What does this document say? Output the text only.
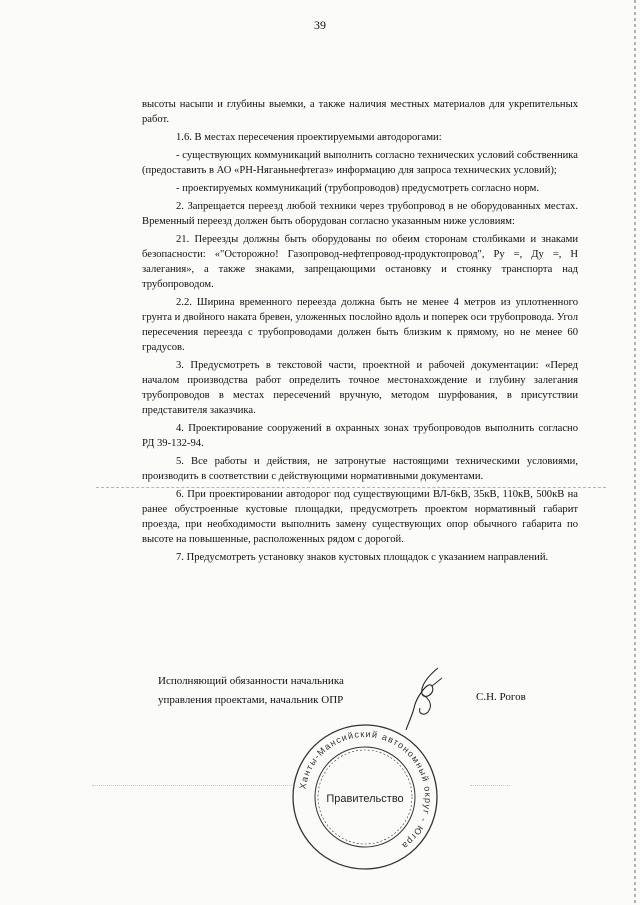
39

высоты насыпи и глубины выемки, а также наличия местных материалов для укрепительных работ.

1.6. В местах пересечения проектируемыми автодорогами:

- существующих коммуникаций выполнить согласно технических условий собственника (предоставить в АО «РН-Няганьнефтегаз» информацию для запроса технических условий);

- проектируемых коммуникаций (трубопроводов) предусмотреть согласно норм.

2. Запрещается переезд любой техники через трубопровод в не оборудованных местах. Временный переезд должен быть оборудован согласно указанным ниже условиям:

21. Переезды должны быть оборудованы по обеим сторонам столбиками и знаками безопасности: «"Осторожно! Газопровод-нефтепровод-продуктопровод", Ру =, Ду =, Н залегания», а также знаками, запрещающими остановку и стоянку транспорта над трубопроводом.

2.2. Ширина временного переезда должна быть не менее 4 метров из уплотненного грунта и двойного наката бревен, уложенных послойно вдоль и поперек оси трубопровода. Угол пересечения переезда с трубопроводами должен быть близким к прямому, но не менее 60 градусов.

3. Предусмотреть в текстовой части, проектной и рабочей документации: «Перед началом производства работ определить точное местонахождение и глубину залегания трубопроводов в местах пересечений вручную, методом шурфования, в присутствии представителя заказчика.

4. Проектирование сооружений в охранных зонах трубопроводов выполнить согласно РД 39-132-94.

5. Все работы и действия, не затронутые настоящими техническими условиями, производить в соответствии с действующими нормативными документами.

6. При проектировании автодорог под существующими ВЛ-6кВ, 35кВ, 110кВ, 500кВ на ранее обустроенные кустовые площадки, предусмотреть проектом нормативный габарит проезда, при необходимости выполнить замену существующих опор обычного габарита по высоте на повышенные, расположенных рядом с дорогой.

7. Предусмотреть установку знаков кустовых площадок с указанием направлений.

Исполняющий обязанности начальника
управления проектами, начальник ОПР	С.Н. Рогов
Ханты-Мансийский автономный округ - Югра
Правительство
